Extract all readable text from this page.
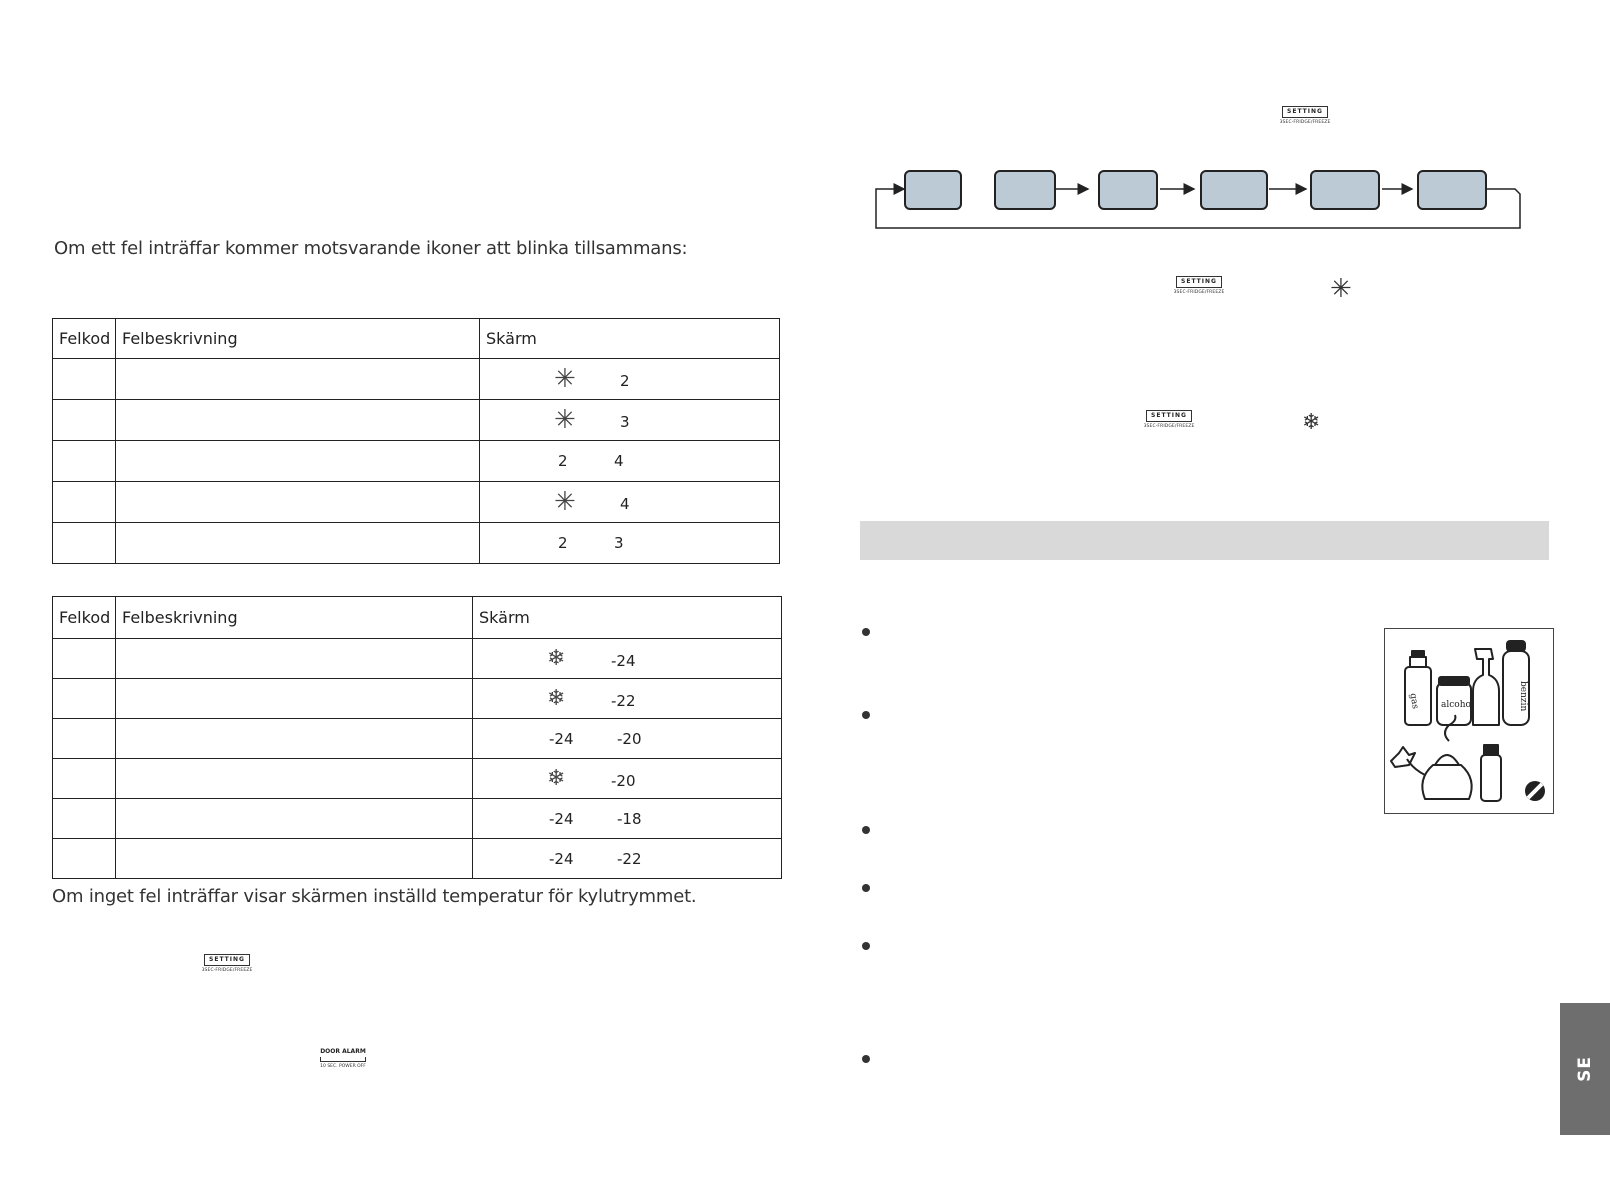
Om ett fel inträffar kommer motsvarande ikoner att blinka tillsammans:
Felkod	Felbeskrivning	Skärm

		✳ 2

		✳ 3

		2 4

		✳ 4

		2 3
Felkod	Felbeskrivning	Skärm

		❄ -24

		❄ -22

		-24 -20

		❄ -20

		-24 -18

		-24 -22
Om inget fel inträffar visar skärmen inställd temperatur för kylutrymmet.
SETTING
3SEC-FRIDGE/FREEZE
DOOR ALARM
10 SEC. POWER OFF
SETTING
3SEC-FRIDGE/FREEZE
SETTING
3SEC-FRIDGE/FREEZE	✳
SETTING
3SEC-FRIDGE/FREEZE	❄
gas alcohol	benzin
SE
